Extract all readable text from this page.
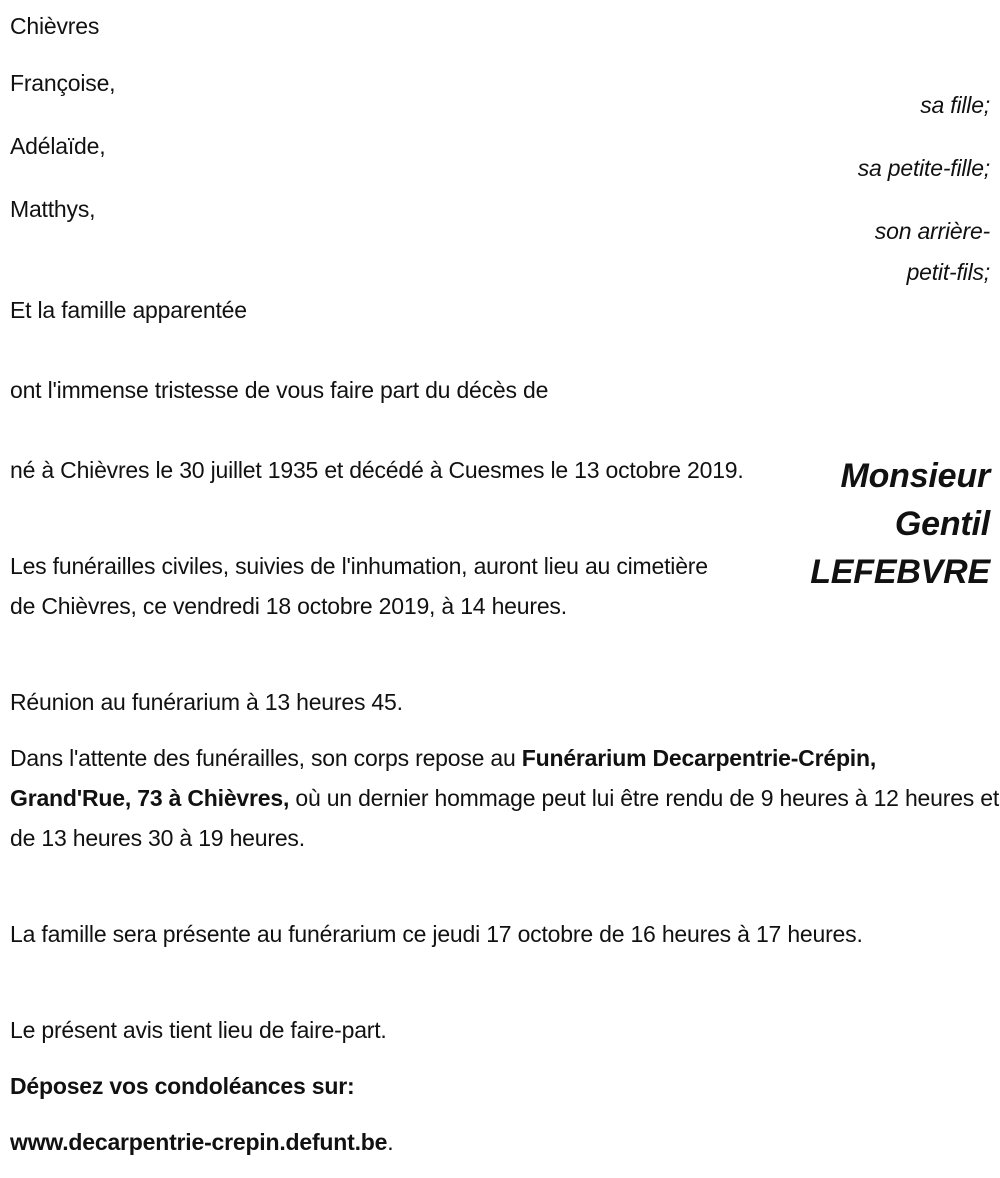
Chièvres
Françoise,
sa fille;
Adélaïde,
sa petite-fille;
Matthys,
son arrière-
petit-fils;
Et la famille apparentée
ont l'immense tristesse de vous faire part du décès de
Monsieur
Gentil
LEFEBVRE
né à Chièvres le 30 juillet 1935 et décédé à Cuesmes le 13 octobre 2019.
Les funérailles civiles, suivies de l'inhumation, auront lieu au cimetière de Chièvres, ce vendredi 18 octobre 2019, à 14 heures.
Réunion au funérarium à 13 heures 45.
Dans l'attente des funérailles, son corps repose au Funérarium Decarpentrie-Crépin, Grand'Rue, 73 à Chièvres, où un dernier hommage peut lui être rendu de 9 heures à 12 heures et de 13 heures 30 à 19 heures.
La famille sera présente au funérarium ce jeudi 17 octobre de 16 heures à 17 heures.
Le présent avis tient lieu de faire-part.
Déposez vos condoléances sur:
www.decarpentrie-crepin.defunt.be.
